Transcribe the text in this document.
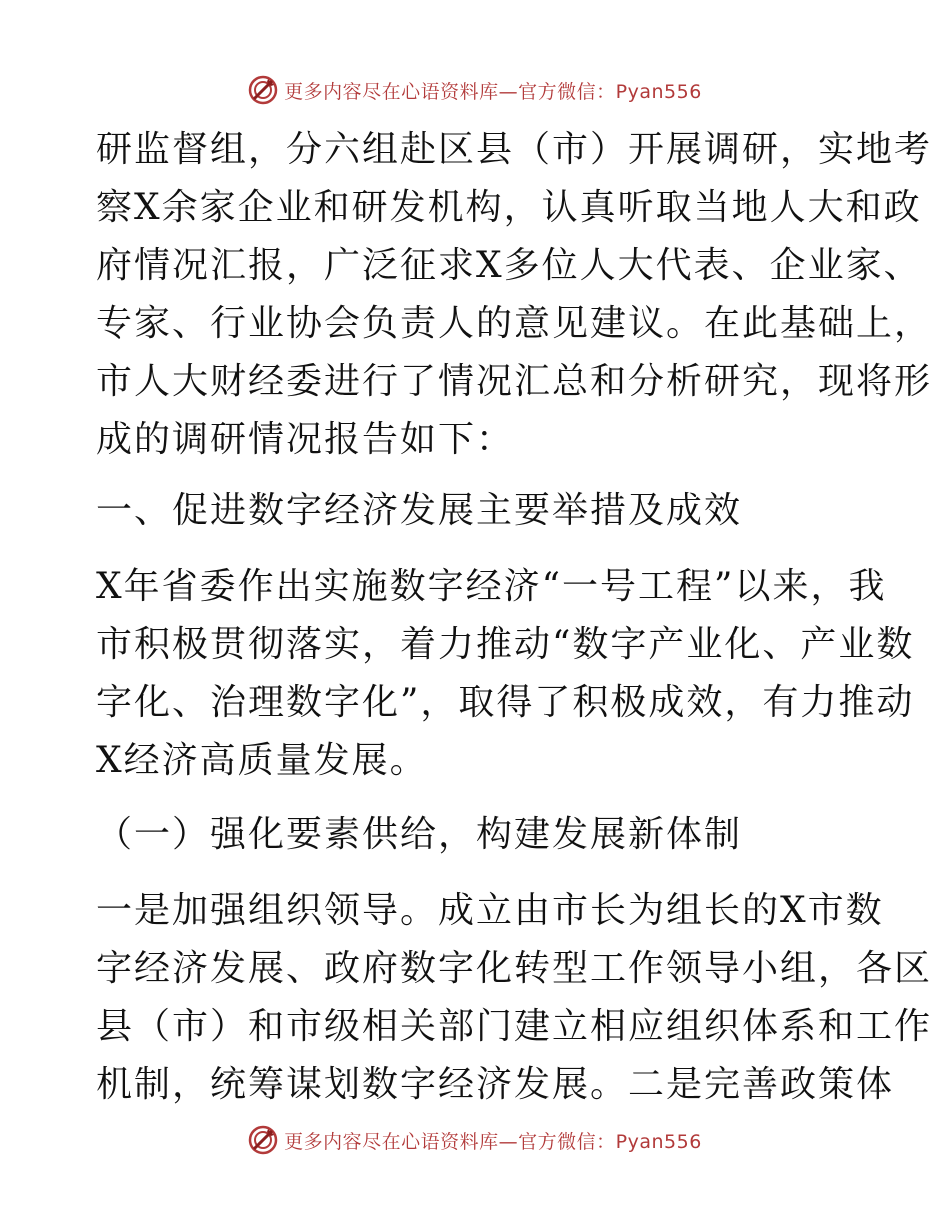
更多内容尽在心语资料库—官方微信：Pyan556
研监督组，分六组赴区县（市）开展调研，实地考
察X余家企业和研发机构，认真听取当地人大和政
府情况汇报，广泛征求X多位人大代表、企业家、
专家、行业协会负责人的意见建议。在此基础上，
市人大财经委进行了情况汇总和分析研究，现将形
成的调研情况报告如下：
一、促进数字经济发展主要举措及成效
X年省委作出实施数字经济“一号工程”以来，我
市积极贯彻落实，着力推动“数字产业化、产业数
字化、治理数字化”，取得了积极成效，有力推动
X经济高质量发展。
（一）强化要素供给，构建发展新体制
一是加强组织领导。成立由市长为组长的X市数
字经济发展、政府数字化转型工作领导小组，各区
县（市）和市级相关部门建立相应组织体系和工作
机制，统筹谋划数字经济发展。二是完善政策体
更多内容尽在心语资料库—官方微信：Pyan556
